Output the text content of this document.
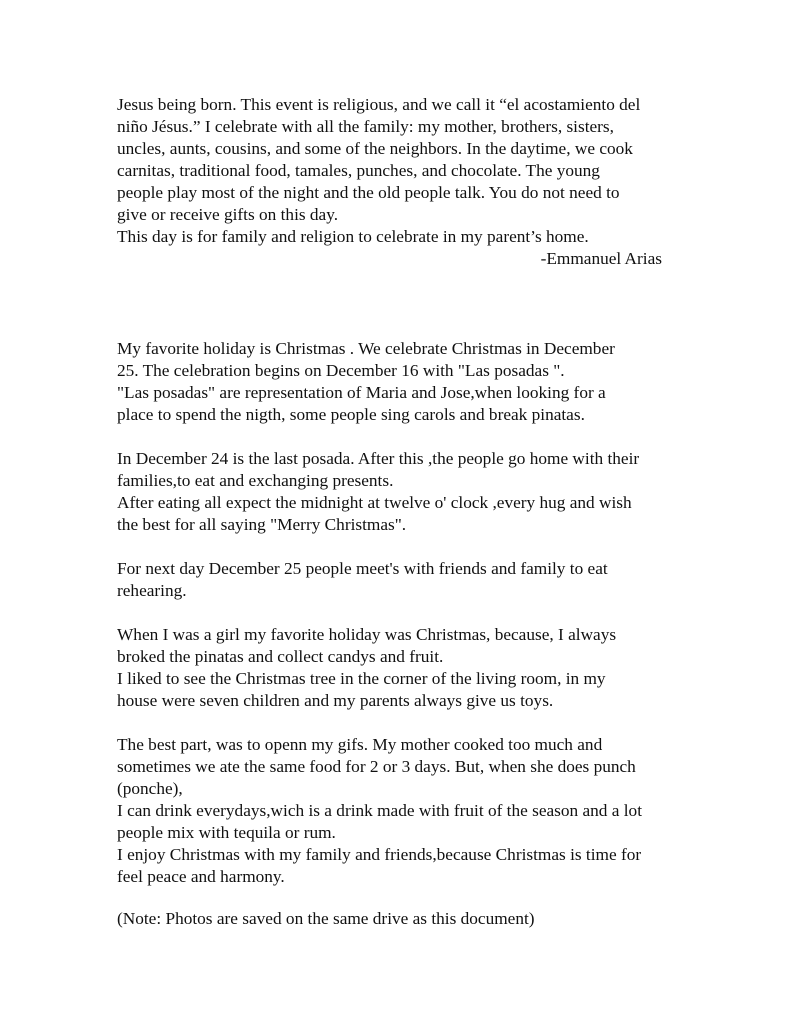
Jesus being born. This event is religious, and we call it “el acostamiento del
niño Jésus.” I celebrate with all the family: my mother, brothers, sisters,
uncles, aunts, cousins, and some of the neighbors. In the daytime, we cook
carnitas, traditional food, tamales, punches, and chocolate. The young
people play most of the night and the old people talk. You do not need to
give or receive gifts on this day.
This day is for family and religion to celebrate in my parent’s home.

-Emmanuel Arias

My favorite holiday is Christmas . We celebrate Christmas in December
25. The celebration begins on December 16 with "Las posadas ".
"Las posadas" are representation of Maria and Jose,when looking for a
place to spend the nigth, some people sing carols and break pinatas.

In December 24 is the last posada. After this ,the people go home with their
families,to eat and exchanging presents.
After eating all expect the midnight at twelve o' clock ,every hug and wish
the best for all saying "Merry Christmas".

For next day December 25 people meet's with friends and family to eat
rehearing.

When I was a girl my favorite holiday was Christmas, because, I always
broked the pinatas and collect candys and fruit.
I liked to see the Christmas tree in the corner of the living room, in my
house were seven children and my parents always give us toys.

The best part, was to openn my gifs. My mother cooked too much and
sometimes we ate the same food for 2 or 3 days. But, when she does punch
(ponche),
I can drink everydays,wich is a drink made with fruit of the season and a lot
people mix with tequila or rum.
I enjoy Christmas with my family and friends,because Christmas is time for
feel peace and harmony.

(Note: Photos are saved on the same drive as this document)
